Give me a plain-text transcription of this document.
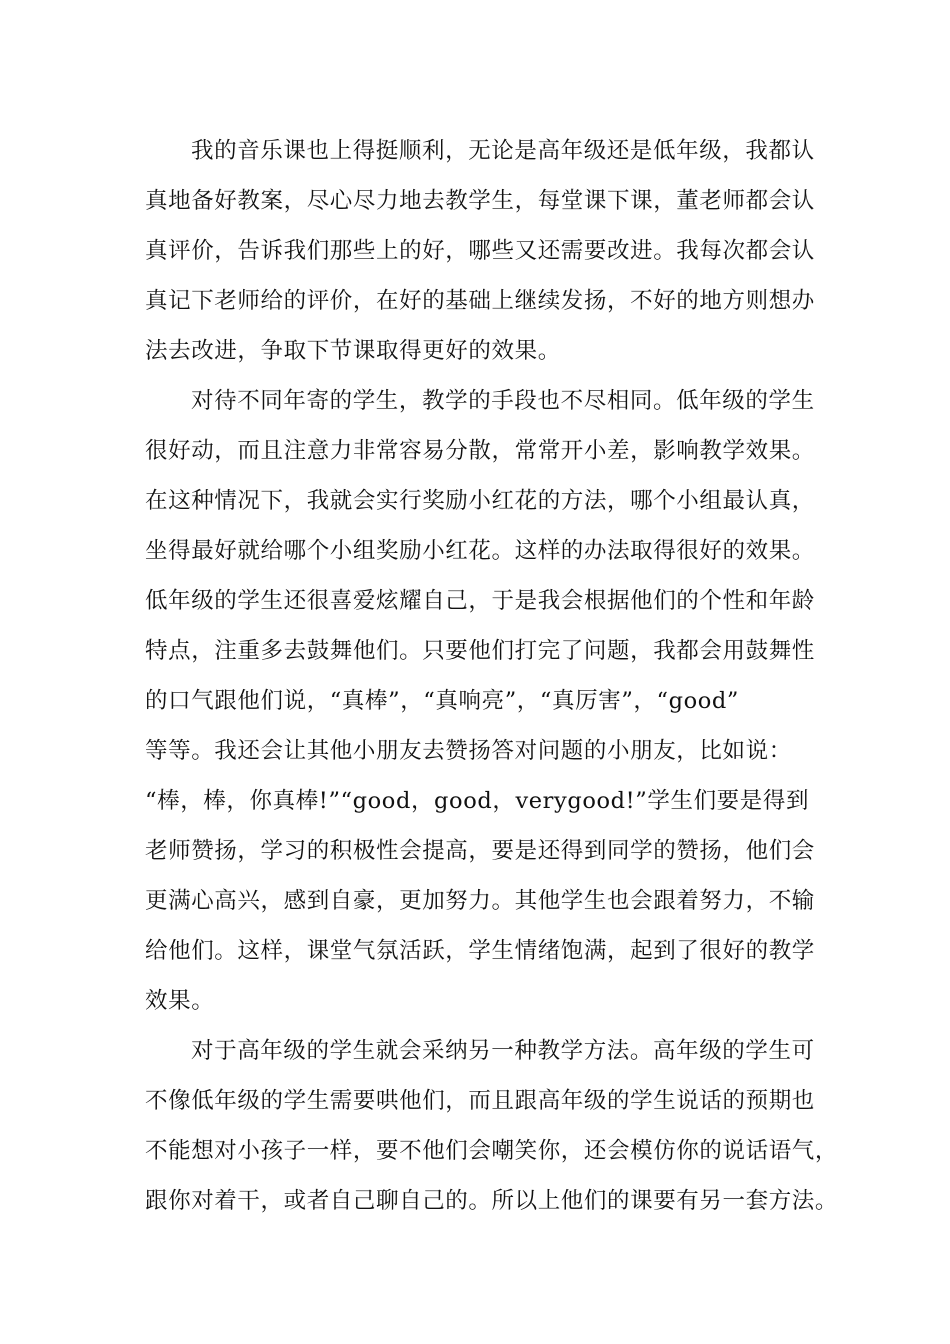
我的音乐课也上得挺顺利，无论是高年级还是低年级，我都认
真地备好教案，尽心尽力地去教学生，每堂课下课，董老师都会认
真评价，告诉我们那些上的好，哪些又还需要改进。我每次都会认
真记下老师给的评价，在好的基础上继续发扬，不好的地方则想办
法去改进，争取下节课取得更好的效果。
对待不同年寄的学生，教学的手段也不尽相同。低年级的学生
很好动，而且注意力非常容易分散，常常开小差，影响教学效果。
在这种情况下，我就会实行奖励小红花的方法，哪个小组最认真，
坐得最好就给哪个小组奖励小红花。这样的办法取得很好的效果。
低年级的学生还很喜爱炫耀自己，于是我会根据他们的个性和年龄
特点，注重多去鼓舞他们。只要他们打完了问题，我都会用鼓舞性
的口气跟他们说，“真棒”，“真响亮”，“真厉害”，“good”
等等。我还会让其他小朋友去赞扬答对问题的小朋友，比如说：
“棒，棒，你真棒!”“good，good，verygood!”学生们要是得到
老师赞扬，学习的积极性会提高，要是还得到同学的赞扬，他们会
更满心高兴，感到自豪，更加努力。其他学生也会跟着努力，不输
给他们。这样，课堂气氛活跃，学生情绪饱满，起到了很好的教学
效果。
对于高年级的学生就会采纳另一种教学方法。高年级的学生可
不像低年级的学生需要哄他们，而且跟高年级的学生说话的预期也
不能想对小孩子一样，要不他们会嘲笑你，还会模仿你的说话语气，
跟你对着干，或者自己聊自己的。所以上他们的课要有另一套方法。
